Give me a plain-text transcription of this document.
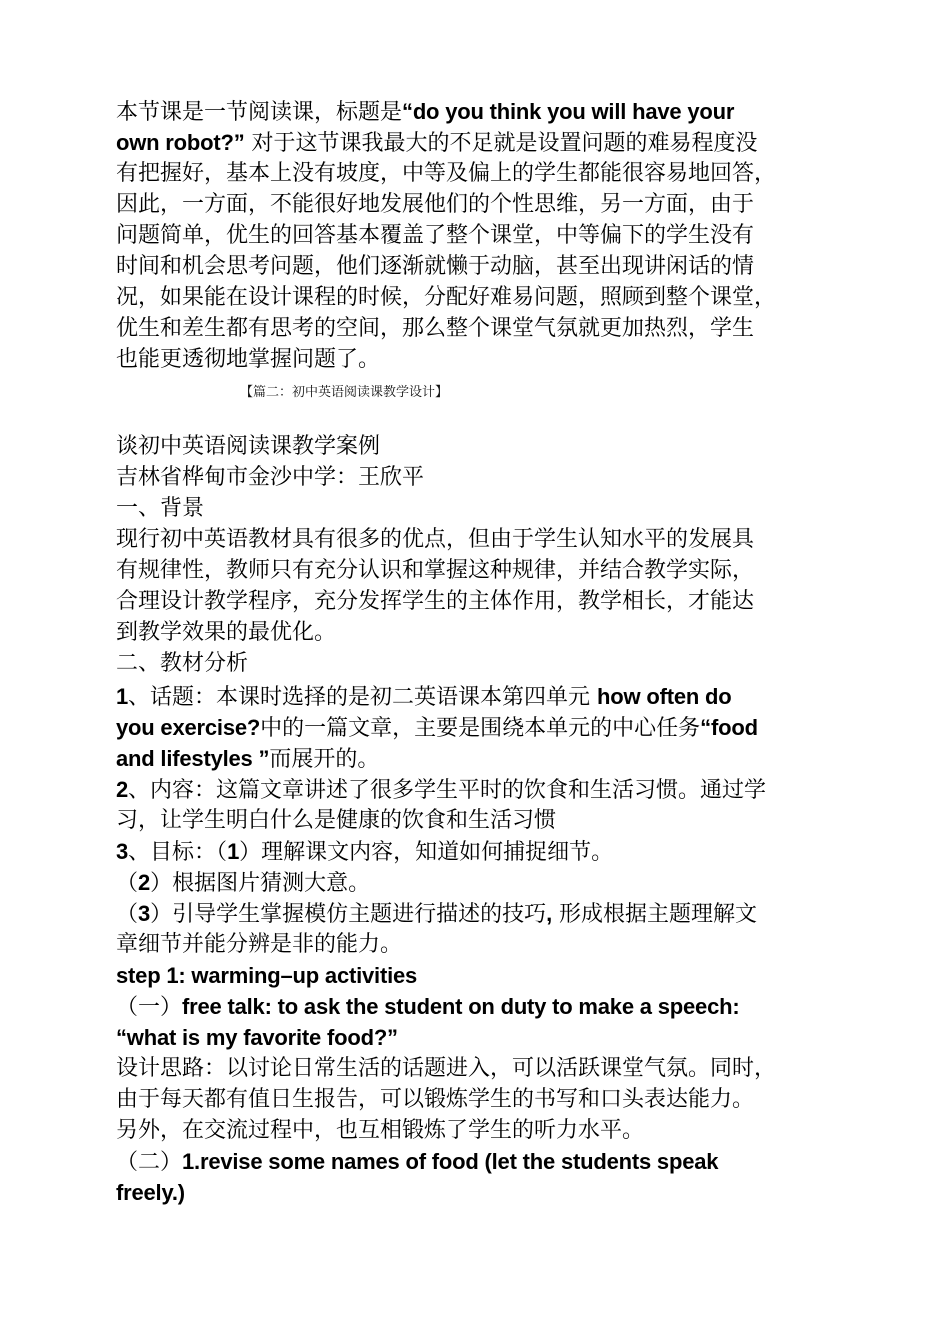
本节课是一节阅读课，标题是“do you think you will have your
own robot?” 对于这节课我最大的不足就是设置问题的难易程度没
有把握好，基本上没有坡度，中等及偏上的学生都能很容易地回答，
因此，一方面，不能很好地发展他们的个性思维，另一方面，由于
问题简单，优生的回答基本覆盖了整个课堂，中等偏下的学生没有
时间和机会思考问题，他们逐渐就懒于动脑，甚至出现讲闲话的情
况，如果能在设计课程的时候，分配好难易问题，照顾到整个课堂，
优生和差生都有思考的空间，那么整个课堂气氛就更加热烈，学生
也能更透彻地掌握问题了。
【篇二：初中英语阅读课教学设计】
谈初中英语阅读课教学案例
吉林省桦甸市金沙中学：王欣平
一、背景
现行初中英语教材具有很多的优点，但由于学生认知水平的发展具
有规律性，教师只有充分认识和掌握这种规律，并结合教学实际，
合理设计教学程序，充分发挥学生的主体作用，教学相长，才能达
到教学效果的最优化。
二、教材分析
1、话题：本课时选择的是初二英语课本第四单元 how often do
you exercise?中的一篇文章，主要是围绕本单元的中心任务“food
and lifestyles ”而展开的。
2、内容：这篇文章讲述了很多学生平时的饮食和生活习惯。通过学
习，让学生明白什么是健康的饮食和生活习惯
3、目标：（1）理解课文内容，知道如何捕捉细节。
（2）根据图片猜测大意。
（3）引导学生掌握模仿主题进行描述的技巧, 形成根据主题理解文
章细节并能分辨是非的能力。
step 1: warming–up activities
（一）free talk: to ask the student on duty to make a speech:
“what is my favorite food?”
设计思路：以讨论日常生活的话题进入，可以活跃课堂气氛。同时，
由于每天都有值日生报告，可以锻炼学生的书写和口头表达能力。
另外，在交流过程中，也互相锻炼了学生的听力水平。
（二）1.revise some names of food (let the students speak
freely.)
